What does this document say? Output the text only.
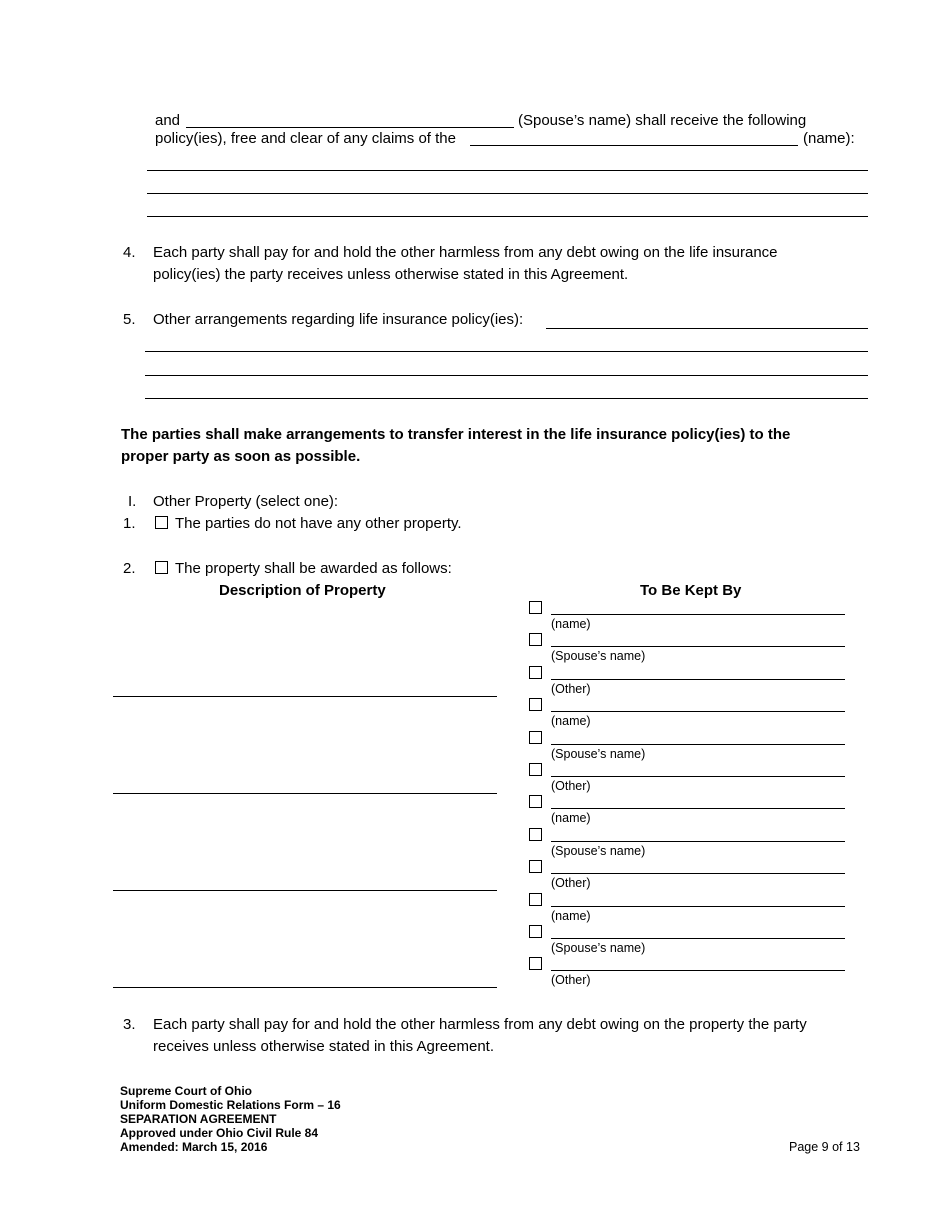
and	(Spouse’s name) shall receive the following
policy(ies), free and clear of any claims of the	(name):
4. Each party shall pay for and hold the other harmless from any debt owing on the life insurance
policy(ies) the party receives unless otherwise stated in this Agreement.
5. Other arrangements regarding life insurance policy(ies):
The parties shall make arrangements to transfer interest in the life insurance policy(ies) to the
proper party as soon as possible.
I. Other Property (select one):
1.	The parties do not have any other property.
2.	The property shall be awarded as follows:
Description of Property	To Be Kept By
(name)
(Spouse’s name)
(Other)
(name)
(Spouse’s name)
(Other)
(name)
(Spouse’s name)
(Other)
(name)
(Spouse’s name)
(Other)
3. Each party shall pay for and hold the other harmless from any debt owing on the property the party
receives unless otherwise stated in this Agreement.
Supreme Court of Ohio
Uniform Domestic Relations Form – 16
SEPARATION AGREEMENT
Approved under Ohio Civil Rule 84
Amended: March 15, 2016	Page 9 of 13
